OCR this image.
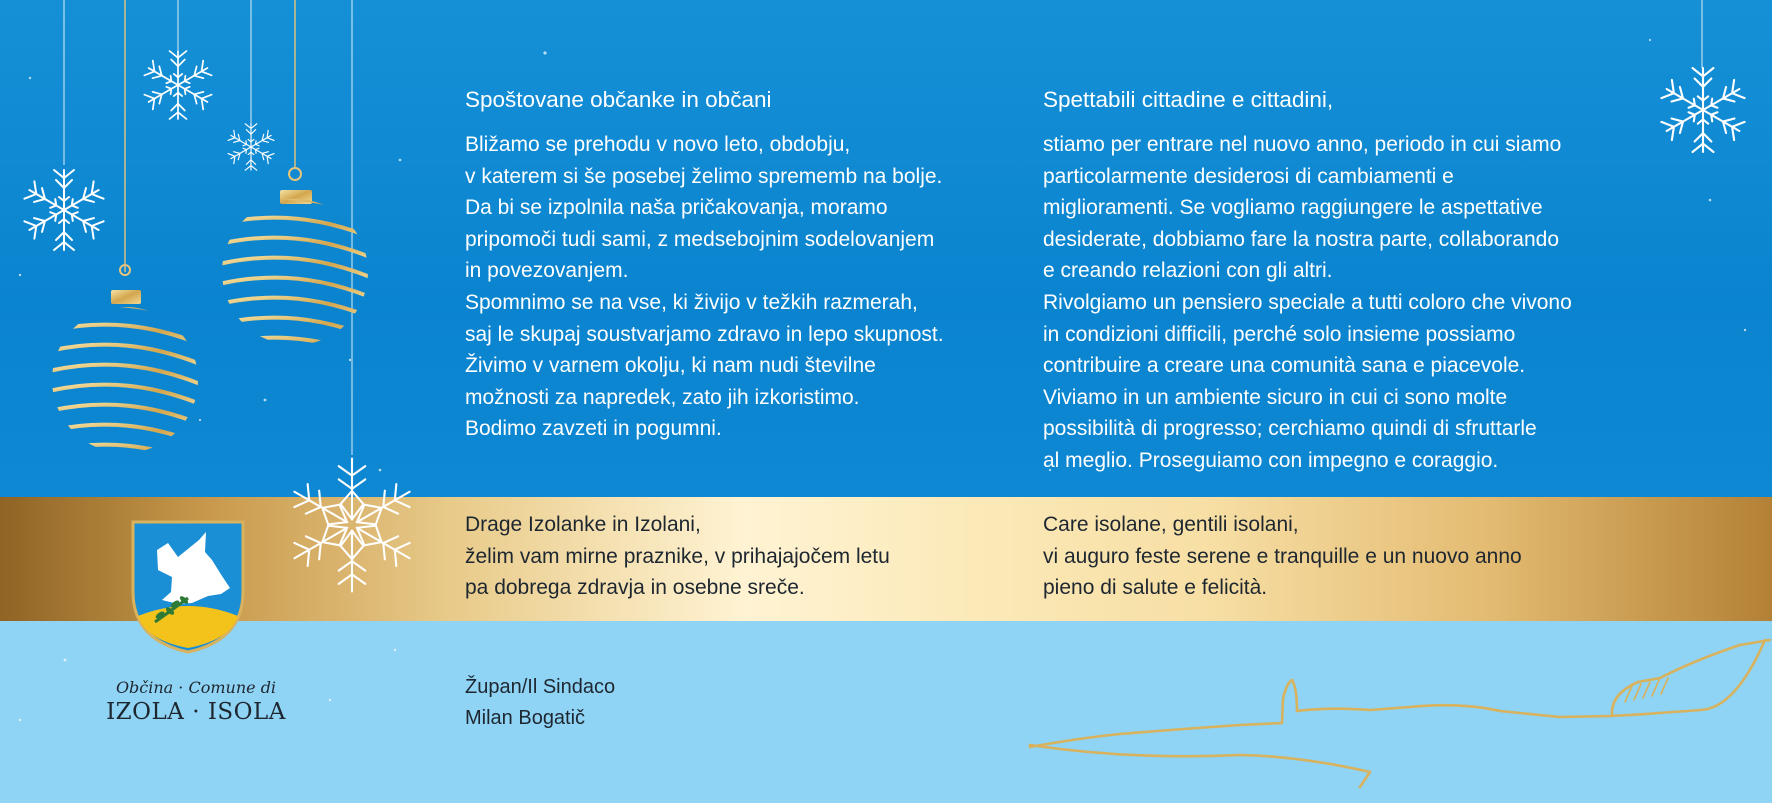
Spoštovane občanke in občani
Bližamo se prehodu v novo leto, obdobju,
v katerem si še posebej želimo sprememb na bolje.
Da bi se izpolnila naša pričakovanja, moramo
pripomoči tudi sami, z medsebojnim sodelovanjem
in povezovanjem.
Spomnimo se na vse, ki živijo v težkih razmerah,
saj le skupaj soustvarjamo zdravo in lepo skupnost.
Živimo v varnem okolju, ki nam nudi številne
možnosti za napredek, zato jih izkoristimo.
Bodimo zavzeti in pogumni.
Spettabili cittadine e cittadini,
stiamo per entrare nel nuovo anno, periodo in cui siamo
particolarmente desiderosi di cambiamenti e
miglioramenti. Se vogliamo raggiungere le aspettative
desiderate, dobbiamo fare la nostra parte, collaborando
e creando relazioni con gli altri.
Rivolgiamo un pensiero speciale a tutti coloro che vivono
in condizioni difficili, perché solo insieme possiamo
contribuire a creare una comunità sana e piacevole.
Viviamo in un ambiente sicuro in cui ci sono molte
possibilità di progresso; cerchiamo quindi di sfruttarle
al meglio. Proseguiamo con impegno e coraggio.
Drage Izolanke in Izolani,
želim vam mirne praznike, v prihajajočem letu
pa dobrega zdravja in osebne sreče.
Care isolane, gentili isolani,
vi auguro feste serene e tranquille e un nuovo anno
pieno di salute e felicità.
Župan/Il Sindaco
Milan Bogatič
Občina · Comune di
IZOLA · ISOLA
